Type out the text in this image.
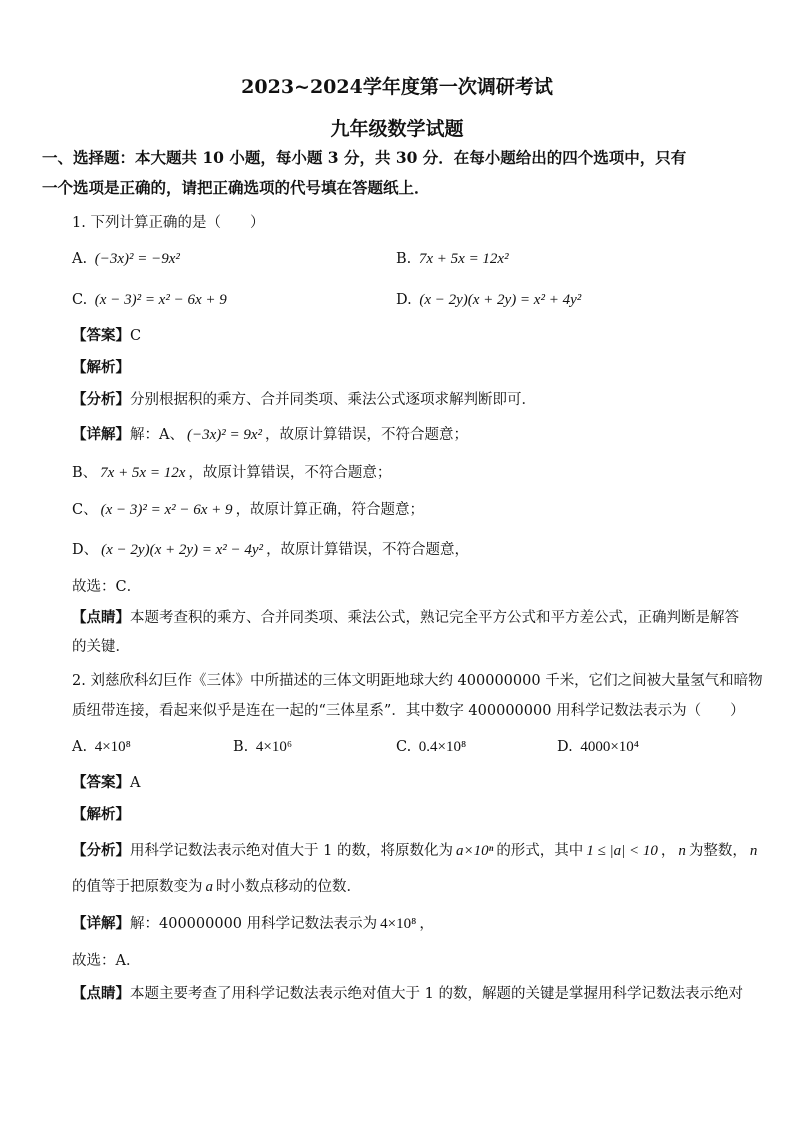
2023~2024学年度第一次调研考试
九年级数学试题
一、选择题：本大题共 10 小题，每小题 3 分，共 30 分．在每小题给出的四个选项中，只有
一个选项是正确的，请把正确选项的代号填在答题纸上．
1. 下列计算正确的是（　　）
A. (−3x)² = −9x²	B. 7x + 5x = 12x²
C. (x − 3)² = x² − 6x + 9	D. (x − 2y)(x + 2y) = x² + 4y²
【答案】C
【解析】
【分析】分别根据积的乘方、合并同类项、乘法公式逐项求解判断即可．
【详解】解：A、 (−3x)² = 9x² ，故原计算错误，不符合题意；
B、 7x + 5x = 12x ，故原计算错误，不符合题意；
C、 (x − 3)² = x² − 6x + 9 ，故原计算正确，符合题意；
D、 (x − 2y)(x + 2y) = x² − 4y² ，故原计算错误，不符合题意，
故选：C．
【点睛】本题考查积的乘方、合并同类项、乘法公式，熟记完全平方公式和平方差公式，正确判断是解答
的关键．
2. 刘慈欣科幻巨作《三体》中所描述的三体文明距地球大约 400000000 千米，它们之间被大量氢气和暗物
质纽带连接，看起来似乎是连在一起的“三体星系”．其中数字 400000000 用科学记数法表示为（　　）
A. 4×10⁸	B. 4×10⁶	C. 0.4×10⁸	D. 4000×10⁴
【答案】A
【解析】
【分析】用科学记数法表示绝对值大于 1 的数，将原数化为 a×10ⁿ 的形式，其中 1 ≤ |a| < 10 ， n 为整数， n
的值等于把原数变为 a 时小数点移动的位数．
【详解】解：400000000 用科学记数法表示为 4×10⁸ ，
故选：A．
【点睛】本题主要考查了用科学记数法表示绝对值大于 1 的数，解题的关键是掌握用科学记数法表示绝对
